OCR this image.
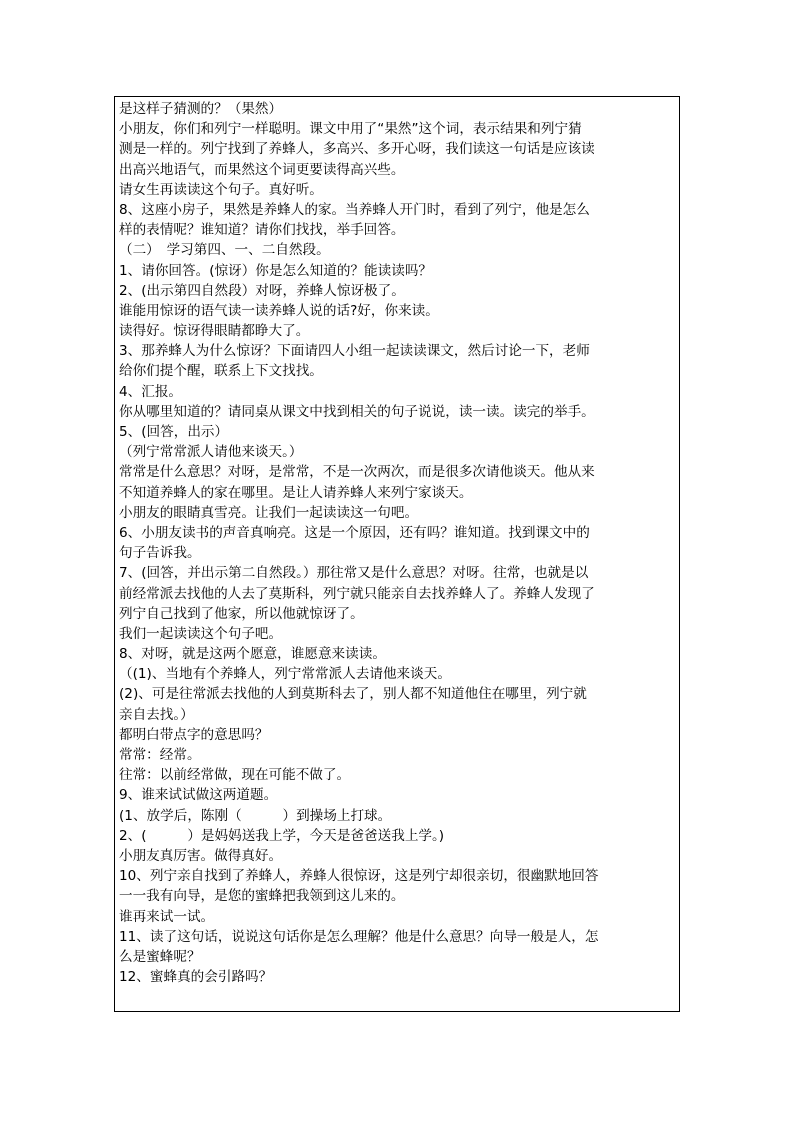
是这样子猜测的？（果然）
小朋友，你们和列宁一样聪明。课文中用了“果然”这个词，表示结果和列宁猜
测是一样的。列宁找到了养蜂人，多高兴、多开心呀，我们读这一句话是应该读
出高兴地语气，而果然这个词更要读得高兴些。
请女生再读读这个句子。真好听。
8、这座小房子，果然是养蜂人的家。当养蜂人开门时，看到了列宁，他是怎么
样的表情呢？谁知道？请你们找找，举手回答。
（二）　学习第四、一、二自然段。
1、请你回答。(惊讶）你是怎么知道的？能读读吗？
2、(出示第四自然段）对呀，养蜂人惊讶极了。
谁能用惊讶的语气读一读养蜂人说的话?好，你来读。
读得好。惊讶得眼睛都睁大了。
3、那养蜂人为什么惊讶？下面请四人小组一起读读课文，然后讨论一下，老师
给你们提个醒，联系上下文找找。
4、汇报。
你从哪里知道的？请同桌从课文中找到相关的句子说说，读一读。读完的举手。
5、(回答，出示）
（列宁常常派人请他来谈天。）
常常是什么意思？对呀，是常常，不是一次两次，而是很多次请他谈天。他从来
不知道养蜂人的家在哪里。是让人请养蜂人来列宁家谈天。
小朋友的眼睛真雪亮。让我们一起读读这一句吧。
6、小朋友读书的声音真响亮。这是一个原因，还有吗？谁知道。找到课文中的
句子告诉我。
7、(回答，并出示第二自然段。）那往常又是什么意思？对呀。往常，也就是以
前经常派去找他的人去了莫斯科，列宁就只能亲自去找养蜂人了。养蜂人发现了
列宁自己找到了他家，所以他就惊讶了。
我们一起读读这个句子吧。
8、对呀，就是这两个愿意，谁愿意来读读。
（(1)、当地有个养蜂人，列宁常常派人去请他来谈天。
(2)、可是往常派去找他的人到莫斯科去了，别人都不知道他住在哪里，列宁就
亲自去找。）
都明白带点字的意思吗？
常常：经常。
往常：以前经常做，现在可能不做了。
9、谁来试试做这两道题。
(1、放学后，陈刚（　　　）到操场上打球。
2、(　　　）是妈妈送我上学，今天是爸爸送我上学。)
小朋友真厉害。做得真好。
10、列宁亲自找到了养蜂人，养蜂人很惊讶，这是列宁却很亲切，很幽默地回答
一一我有向导，是您的蜜蜂把我领到这儿来的。
谁再来试一试。
11、读了这句话，说说这句话你是怎么理解？他是什么意思？向导一般是人，怎
么是蜜蜂呢？
12、蜜蜂真的会引路吗？
